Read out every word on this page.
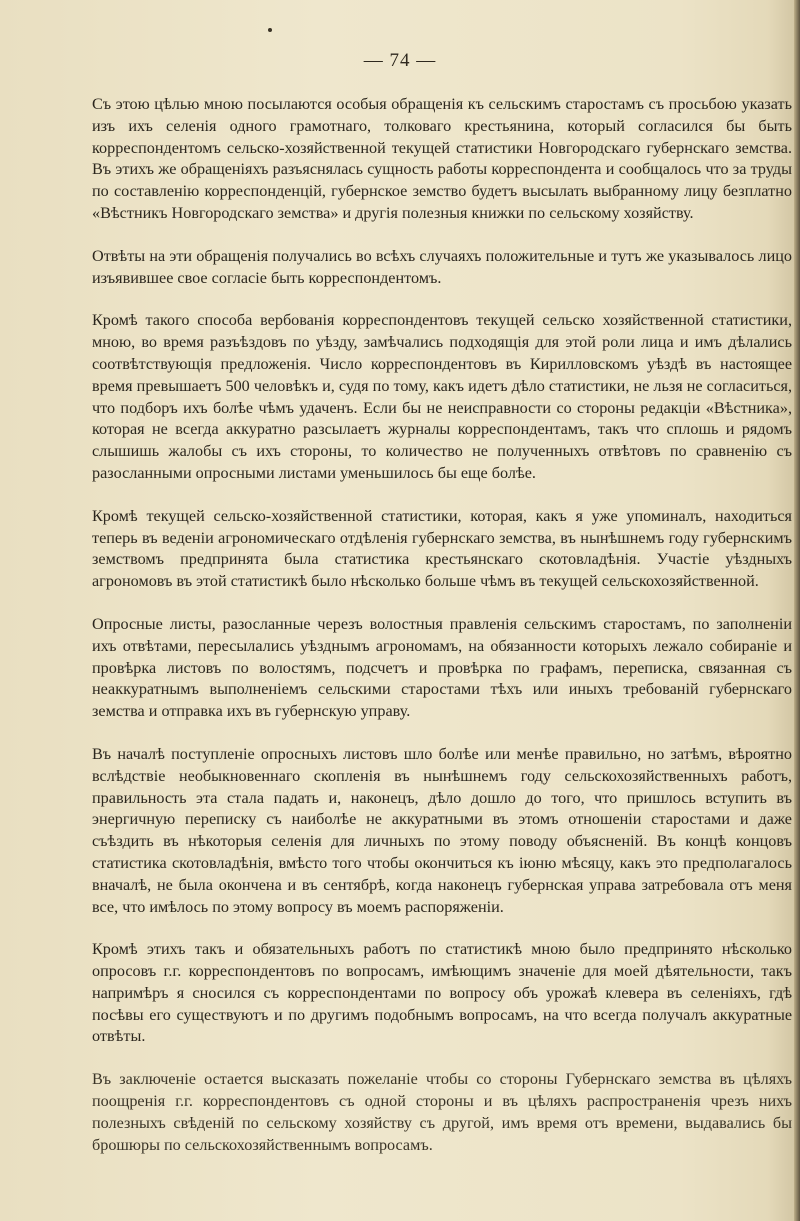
— 74 —

Съ этою цѣлью мною посылаются особыя обращенія къ сельскимъ старостамъ съ просьбою указать изъ ихъ селенія одного грамотнаго, толковаго крестьянина, который согласился бы быть корреспондентомъ сельско-хозяйственной текущей статистики Новгородскаго губернскаго земства. Въ этихъ же обращеніяхъ разъяснялась сущность работы корреспондента и сообщалось что за труды по составленію корреспонденцій, губернское земство будетъ высылать выбранному лицу безплатно «Вѣстникъ Новгородскаго земства» и другія полезныя книжки по сельскому хозяйству.

Отвѣты на эти обращенія получались во всѣхъ случаяхъ положительные и тутъ же указывалось лицо изъявившее свое согласіе быть корреспондентомъ.

Кромѣ такого способа вербованія корреспондентовъ текущей сельско хозяйственной статистики, мною, во время разъѣздовъ по уѣзду, замѣчались подходящія для этой роли лица и имъ дѣлались соотвѣтствующія предложенія. Число корреспондентовъ въ Кирилловскомъ уѣздѣ въ настоящее время превышаетъ 500 человѣкъ и, судя по тому, какъ идетъ дѣло статистики, не льзя не согласиться, что подборъ ихъ болѣе чѣмъ удаченъ. Если бы не неисправности со стороны редакціи «Вѣстника», которая не всегда аккуратно разсылаетъ журналы корреспондентамъ, такъ что сплошь и рядомъ слышишь жалобы съ ихъ стороны, то количество не полученныхъ отвѣтовъ по сравненію съ разосланными опросными листами уменьшилось бы еще болѣе.

Кромѣ текущей сельско-хозяйственной статистики, которая, какъ я уже упоминалъ, находиться теперь въ веденіи агрономическаго отдѣленія губернскаго земства, въ нынѣшнемъ году губернскимъ земствомъ предпринята была статистика крестьянскаго скотовладѣнія. Участіе уѣздныхъ агрономовъ въ этой статистикѣ было нѣсколько больше чѣмъ въ текущей сельскохозяйственной.

Опросные листы, разосланные черезъ волостныя правленія сельскимъ старостамъ, по заполненіи ихъ отвѣтами, пересылались уѣзднымъ агрономамъ, на обязанности которыхъ лежало собираніе и провѣрка листовъ по волостямъ, подсчетъ и провѣрка по графамъ, переписка, связанная съ неаккуратнымъ выполненіемъ сельскими старостами тѣхъ или иныхъ требованій губернскаго земства и отправка ихъ въ губернскую управу.

Въ началѣ поступленіе опросныхъ листовъ шло болѣе или менѣе правильно, но затѣмъ, вѣроятно вслѣдствіе необыкновеннаго скопленія въ нынѣшнемъ году сельскохозяйственныхъ работъ, правильность эта стала падать и, наконецъ, дѣло дошло до того, что пришлось вступить въ энергичную переписку съ наиболѣе не аккуратными въ этомъ отношеніи старостами и даже съѣздить въ нѣкоторыя селенія для личныхъ по этому поводу объясненій. Въ концѣ концовъ статистика скотовладѣнія, вмѣсто того чтобы окончиться къ іюню мѣсяцу, какъ это предполагалось вначалѣ, не была окончена и въ сентябрѣ, когда наконецъ губернская управа затребовала отъ меня все, что имѣлось по этому вопросу въ моемъ распоряженіи.

Кромѣ этихъ такъ и обязательныхъ работъ по статистикѣ мною было предпринято нѣсколько опросовъ г.г. корреспондентовъ по вопросамъ, имѣющимъ значеніе для моей дѣятельности, такъ напримѣръ я сносился съ корреспондентами по вопросу объ урожаѣ клевера въ селеніяхъ, гдѣ посѣвы его существуютъ и по другимъ подобнымъ вопросамъ, на что всегда получалъ аккуратные отвѣты.

Въ заключеніе остается высказать пожеланіе чтобы со стороны Губернскаго земства въ цѣляхъ поощренія г.г. корреспондентовъ съ одной стороны и въ цѣляхъ распространенія чрезъ нихъ полезныхъ свѣденій по сельскому хозяйству съ другой, имъ время отъ времени, выдавались бы брошюры по сельскохозяйственнымъ вопросамъ.
